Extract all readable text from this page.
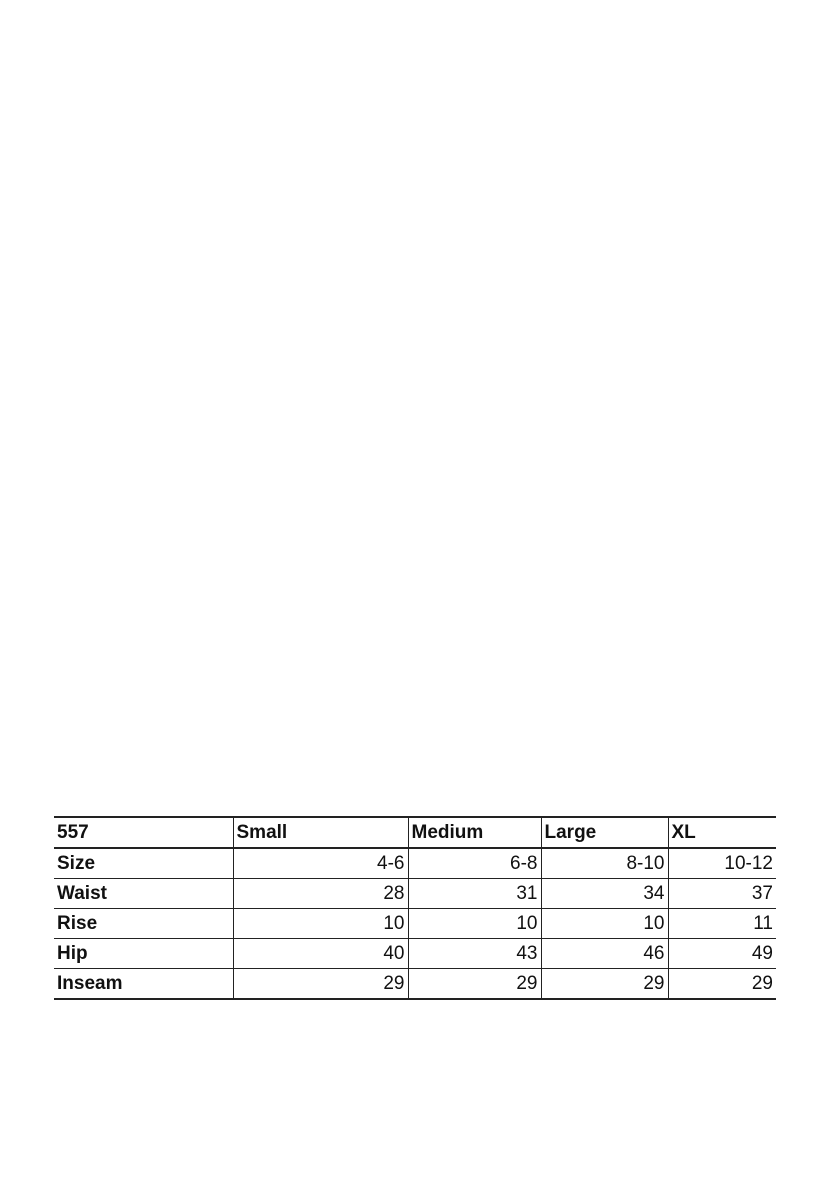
557	Small	Medium	Large	XL
Size	4-6	6-8	8-10	10-12
Waist	28	31	34	37
Rise	10	10	10	11
Hip	40	43	46	49
Inseam	29	29	29	29
